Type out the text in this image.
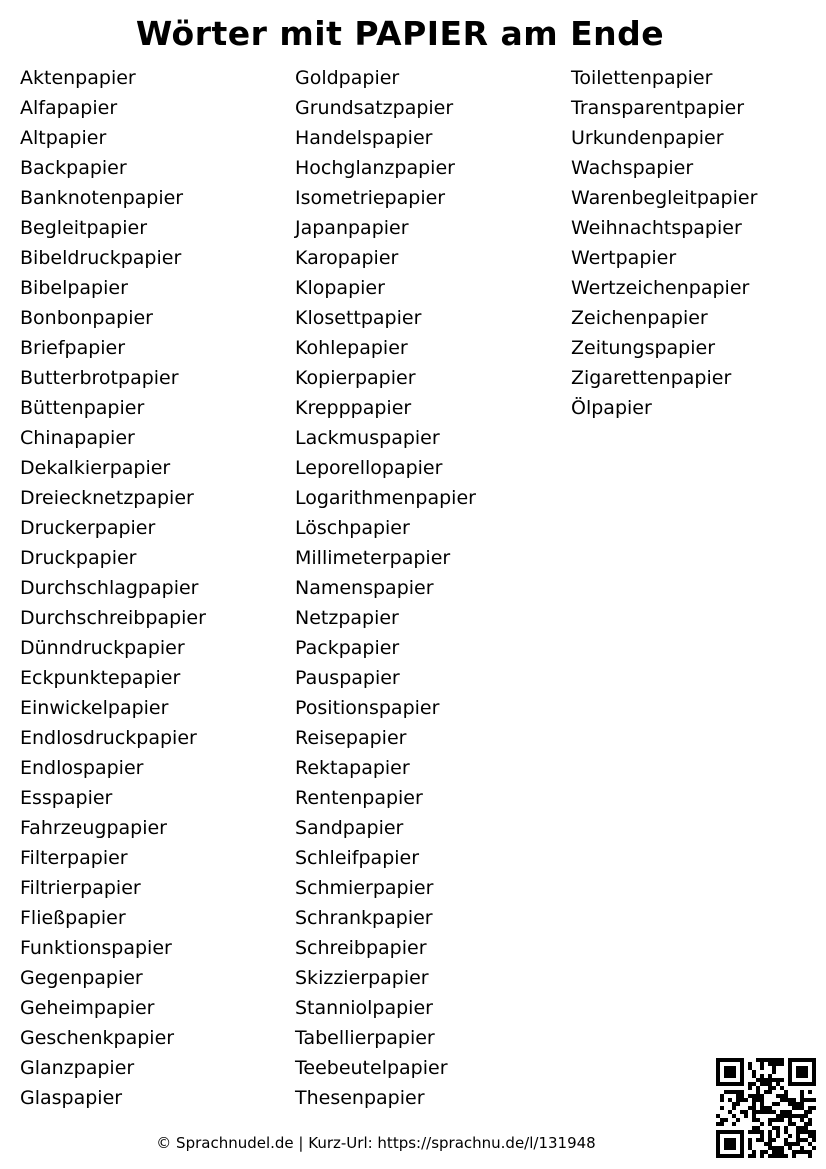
Wörter mit PAPIER am Ende
Aktenpapier
Alfapapier
Altpapier
Backpapier
Banknotenpapier
Begleitpapier
Bibeldruckpapier
Bibelpapier
Bonbonpapier
Briefpapier
Butterbrotpapier
Büttenpapier
Chinapapier
Dekalkierpapier
Dreiecknetzpapier
Druckerpapier
Druckpapier
Durchschlagpapier
Durchschreibpapier
Dünndruckpapier
Eckpunktepapier
Einwickelpapier
Endlosdruckpapier
Endlospapier
Esspapier
Fahrzeugpapier
Filterpapier
Filtrierpapier
Fließpapier
Funktionspapier
Gegenpapier
Geheimpapier
Geschenkpapier
Glanzpapier
Glaspapier
Goldpapier
Grundsatzpapier
Handelspapier
Hochglanzpapier
Isometriepapier
Japanpapier
Karopapier
Klopapier
Klosettpapier
Kohlepapier
Kopierpapier
Krepppapier
Lackmuspapier
Leporellopapier
Logarithmenpapier
Löschpapier
Millimeterpapier
Namenspapier
Netzpapier
Packpapier
Pauspapier
Positionspapier
Reisepapier
Rektapapier
Rentenpapier
Sandpapier
Schleifpapier
Schmierpapier
Schrankpapier
Schreibpapier
Skizzierpapier
Stanniolpapier
Tabellierpapier
Teebeutelpapier
Thesenpapier
Toilettenpapier
Transparentpapier
Urkundenpapier
Wachspapier
Warenbegleitpapier
Weihnachtspapier
Wertpapier
Wertzeichenpapier
Zeichenpapier
Zeitungspapier
Zigarettenpapier
Ölpapier
© Sprachnudel.de | Kurz-Url: https://sprachnu.de/l/131948
